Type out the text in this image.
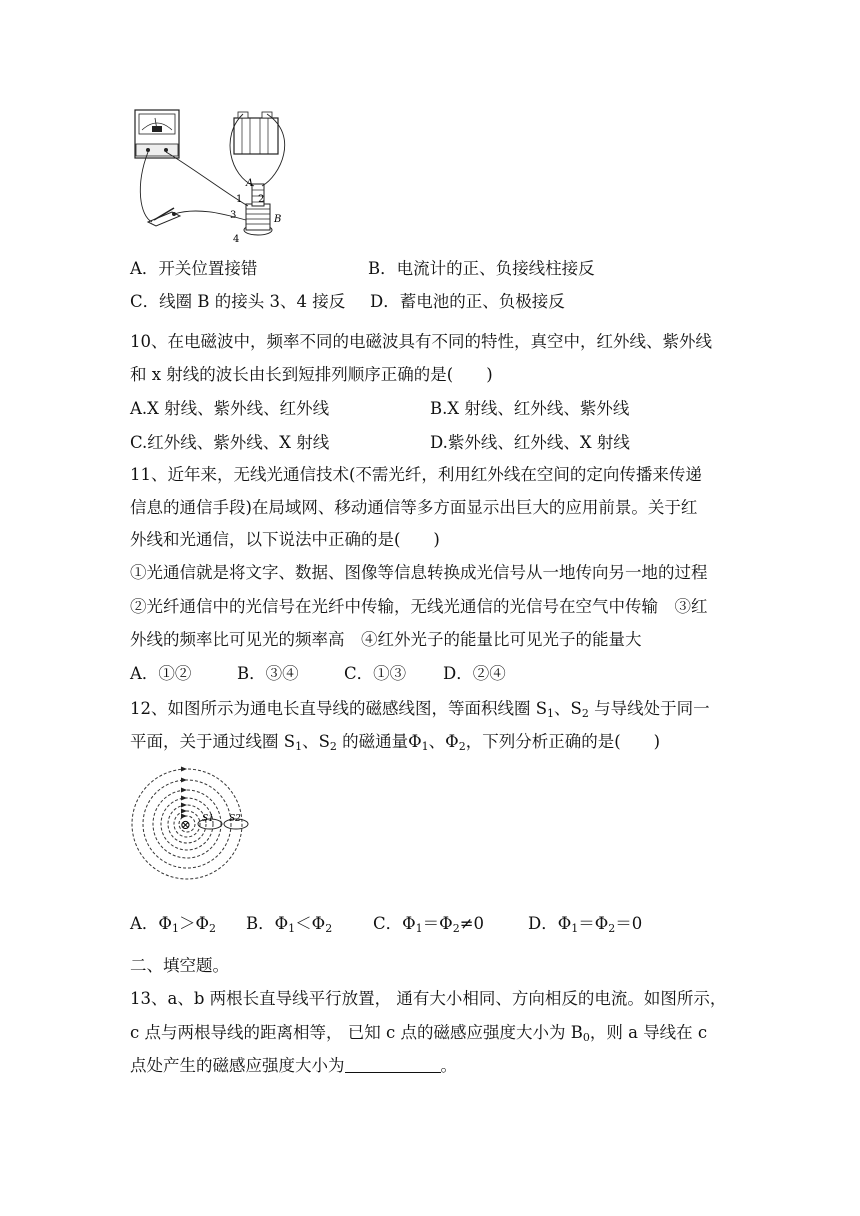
1
A
2
3	B
4
A．开关位置接错	B．电流计的正、负接线柱接反
C．线圈 B 的接头 3、4 接反 D．蓄电池的正、负极接反
10、在电磁波中，频率不同的电磁波具有不同的特性，真空中，红外线、紫外线
和 x 射线的波长由长到短排列顺序正确的是(　　)
A.X 射线、紫外线、红外线	B.X 射线、红外线、紫外线
C.红外线、紫外线、X 射线	D.紫外线、红外线、X 射线
11、近年来，无线光通信技术(不需光纤，利用红外线在空间的定向传播来传递
信息的通信手段)在局域网、移动通信等多方面显示出巨大的应用前景。关于红
外线和光通信，以下说法中正确的是(　　)
①光通信就是将文字、数据、图像等信息转换成光信号从一地传向另一地的过程
②光纤通信中的光信号在光纤中传输，无线光通信的光信号在空气中传输　③红
外线的频率比可见光的频率高　④红外光子的能量比可见光子的能量大
A．①②	B．③④	C．①③ D．②④
12、如图所示为通电长直导线的磁感线图，等面积线圈 $S_1$、$S_2$ 与导线处于同一
平面，关于通过线圈 $S_1$、$S_2$ 的磁通量$\Phi_1$、$\Phi_2$，下列分析正确的是(　　)
⊗ S1 S2
A．$\Phi_1>\Phi_2$ B．$\Phi_1<\Phi_2$ C．$\Phi_1=\Phi_2\ne 0$	D．$\Phi_1=\Phi_2=0$
二、填空题。
13、a、b 两根长直导线平行放置， 通有大小相同、方向相反的电流。如图所示，
c 点与两根导线的距离相等， 已知 c 点的磁感应强度大小为 $B_0$，则 a 导线在 c
点处产生的磁感应强度大小为	。
